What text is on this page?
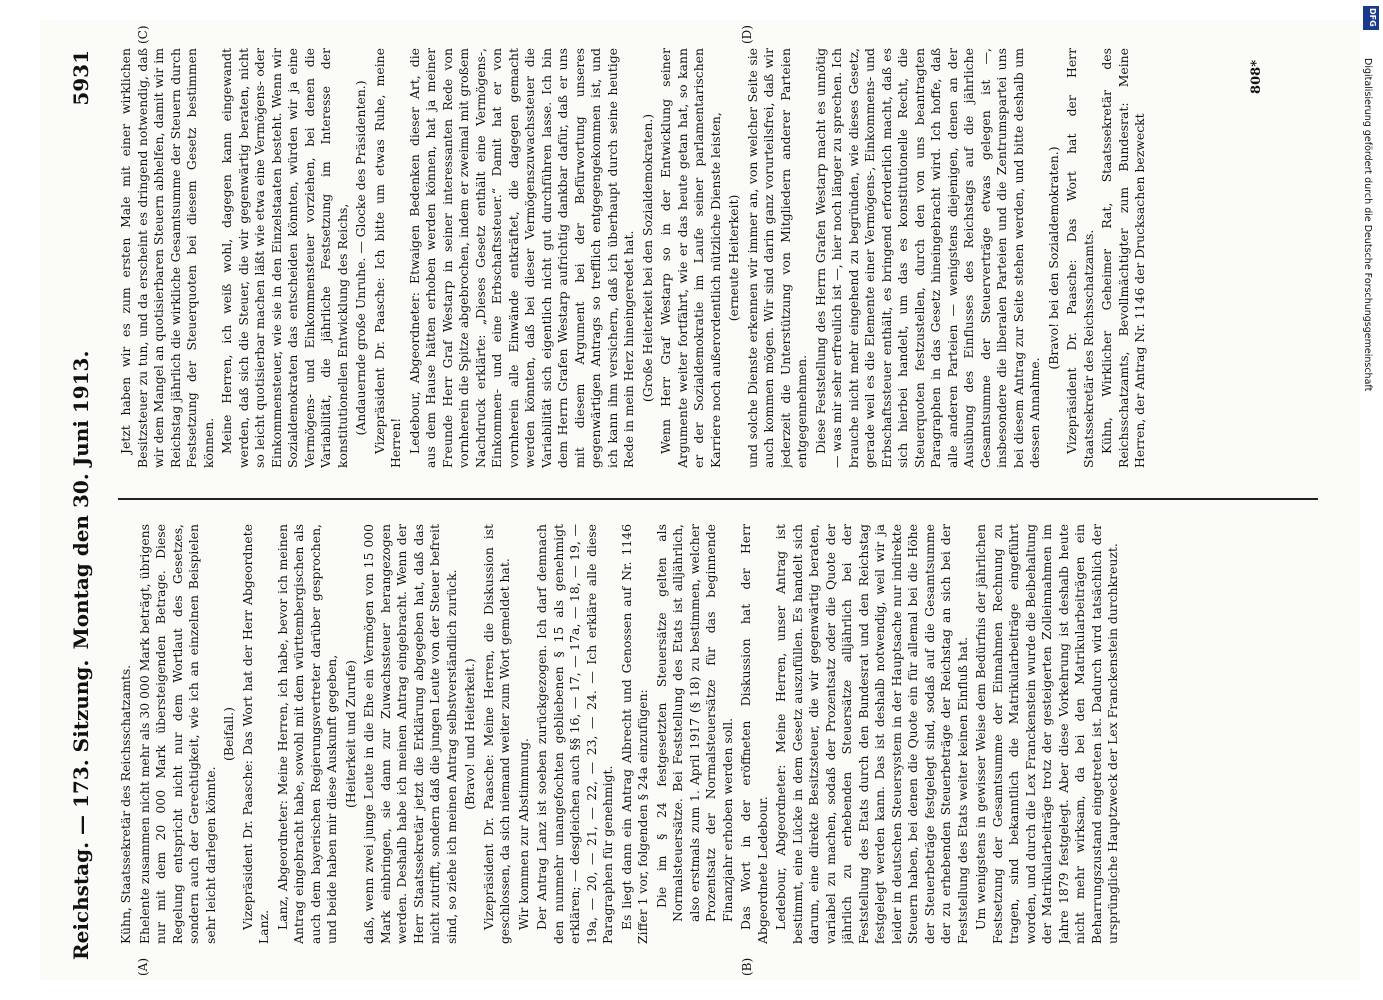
Reichstag. — 173. Sitzung.
Montag den 30. Juni 1913.
5931
(A)	(B)
(C)	(D)

Kühn, Staatssekretär des Reichsschatzamts. Ehelente zusammen nicht mehr als 30 000 Mark beträgt, übrigens nur mit dem 20 000 Mark übersteigenden Betrage. Diese Regelung entspricht nicht nur dem Wortlaut des Gesetzes, sondern auch der Gerechtigkeit, wie ich an einzelnen Beispielen sehr leicht darlegen könnte.

(Beifall.) Vizepräsident Dr. Paasche: Das Wort hat der Herr Abgeordnete Lanz. Lanz, Abgeordneter: Meine Herren, ich habe, bevor ich meinen Antrag eingebracht habe, sowohl mit dem württembergischen als auch dem bayerischen Regierungsvertreter darüber gesprochen, und beide haben mir diese Auskunft gegeben, (Heiterkeit und Zurufe) daß, wenn zwei junge Leute in die Ehe ein Vermögen von 15 000 Mark einbringen, sie dann zur Zuwachssteuer herangezogen werden. Deshalb habe ich meinen Antrag eingebracht. Wenn der Herr Staatssekretär jetzt die Erklärung abgegeben hat, daß das nicht zutrifft, sondern daß die jungen Leute von der Steuer befreit sind, so ziehe ich meinen Antrag selbstverständlich zurück. (Bravo! und Heiterkeit.) Vizepräsident Dr. Paasche: Meine Herren, die Diskussion ist geschlossen, da sich niemand weiter zum Wort gemeldet hat. Wir kommen zur Abstimmung. Der Antrag Lanz ist soeben zurückgezogen. Ich darf demnach den nunmehr unangefochten gebliebenen § 15 als genehmigt erklären; — desgleichen auch §§ 16, — 17, — 17a, — 18, — 19, — 19a, — 20, — 21, — 22, — 23, — 24. — Ich erkläre alle diese Paragraphen für genehmigt. Es liegt dann ein Antrag Albrecht und Genossen auf Nr. 1146 Ziffer 1 vor, folgenden § 24a einzufügen: Die im § 24 festgesetzten Steuersätze gelten als Normalsteuersätze. Bei Feststellung des Etats ist alljährlich, also erstmals zum 1. April 1917 (§ 18) zu bestimmen, welcher Prozentsatz der Normalsteuersätze für das beginnende Finanzjahr erhoben werden soll. Das Wort in der eröffneten Diskussion hat der Herr Abgeordnete Ledebour. Ledebour, Abgeordneter: Meine Herren, unser Antrag ist bestimmt, eine Lücke in dem Gesetz auszufüllen. Es handelt sich darum, eine direkte Besitzsteuer, die wir gegenwärtig beraten, variabel zu machen, sodaß der Prozentsatz oder die Quote der jährlich zu erhebenden Steuersätze alljährlich bei der Feststellung des Etats durch den Bundesrat und den Reichstag festgelegt werden kann. Das ist deshalb notwendig, weil wir ja leider in deutschen Steuersystem in der Hauptsache nur indirekte Steuern haben, bei denen die Quote ein für allemal bei die Höhe der Steuerbeträge festgelegt sind, sodaß auf die Gesamtsumme der zu erhebenden Steuerbeträge der Reichstag an sich bei der Feststellung des Etats weiter keinen Einfluß hat. Um wenigstens in gewisser Weise dem Bedürfnis der jährlichen Festsetzung der Gesamtsumme der Einnahmen Rechnung zu tragen, sind bekanntlich die Matrikularbeiträge eingeführt worden, und durch die Lex Franckenstein wurde die Beibehaltung der Matrikularbeiträge trotz der gesteigerten Zolleinnahmen im Jahre 1879 festgelegt. Aber diese Vorkehrung ist deshalb heute nicht mehr wirksam, da bei den Matrikularbeiträgen ein Beharrungszustand eingetreten ist. Dadurch wird tatsächlich der ursprüngliche Hauptzweck der Lex Franckenstein durchkreuzt.

Jetzt haben wir es zum ersten Male mit einer wirklichen Besitzsteuer zu tun, und da erscheint es dringend notwendig, daß wir dem Mangel an quotisierbaren Steuern abhelfen, damit wir im Reichstag jährlich die wirkliche Gesamtsumme der Steuern durch Festsetzung der Steuerquoten bei diesem Gesetz bestimmen können. Meine Herren, ich weiß wohl, dagegen kann eingewandt werden, daß sich die Steuer, die wir gegenwärtig beraten, nicht so leicht quotisierbar machen läßt wie etwa eine Vermögens- oder Einkommensteuer, wie sie in den Einzelstaaten besteht. Wenn wir Sozialdemokraten das entscheiden könnten, würden wir ja eine Vermögens- und Einkommensteuer vorziehen, bei denen die Variabilität, die jährliche Festsetzung im Interesse der konstitutionellen Entwicklung des Reichs, (Andauernde große Unruhe. — Glocke des Präsidenten.) Vizepräsident Dr. Paasche: Ich bitte um etwas Ruhe, meine Herren! Ledebour, Abgeordneter: Etwaigen Bedenken dieser Art, die aus dem Hause hätten erhoben werden können, hat ja meiner Freunde Herr Graf Westarp in seiner interessanten Rede von vornherein die Spitze abgebrochen, indem er zweimal mit großem Nachdruck erklärte: „Dieses Gesetz enthält eine Vermögens-, Einkommen- und eine Erbschaftssteuer.“ Damit hat er von vornherein alle Einwände entkräftet, die dagegen gemacht werden könnten, daß bei dieser Vermögenszuwachssteuer die Variabilität sich eigentlich nicht gut durchführen lasse. Ich bin dem Herrn Grafen Westarp aufrichtig dankbar dafür, daß er uns mit diesem Argument bei der Befürwortung unseres gegenwärtigen Antrags so trefflich entgegengekommen ist, und ich kann ihm versichern, daß ich überhaupt durch seine heutige Rede in mein Herz hineingeredet hat. (Große Heiterkeit bei den Sozialdemokraten.) Wenn Herr Graf Westarp so in der Entwicklung seiner Argumente weiter fortfährt, wie er das heute getan hat, so kann er der Sozialdemokratie im Laufe seiner parlamentarischen Karriere noch außerordentlich nützliche Dienste leisten, (erneute Heiterkeit) und solche Dienste erkennen wir immer an, von welcher Seite sie auch kommen mögen. Wir sind darin ganz vorurteilsfrei, daß wir jederzeit die Unterstützung von Mitgliedern anderer Parteien entgegennehmen. Diese Feststellung des Herrn Grafen Westarp macht es unnötig — was mir sehr erfreulich ist —, hier noch länger zu sprechen. Ich brauche nicht mehr eingehend zu begründen, wie dieses Gesetz, gerade weil es die Elemente einer Vermögens-, Einkommens- und Erbschaftssteuer enthält, es bringend erforderlich macht, daß es sich hierbei handelt, um das es konstitutionelle Recht, die Steuerquoten festzustellen, durch den von uns beantragten Paragraphen in das Gesetz hineingebracht wird. Ich hoffe, daß alle anderen Parteien — wenigstens diejenigen, denen an der Ausübung des Einflusses des Reichstags auf die jährliche Gesamtsumme der Steuerverträge etwas gelegen ist —, insbesondere die liberalen Parteien und die Zentrumspartei uns bei diesem Antrag zur Seite stehen werden, und bitte deshalb um dessen Annahme.

(Bravo! bei den Sozialdemokraten.) Vizepräsident Dr. Paasche: Das Wort hat der Herr Staatssekretär des Reichsschatzamts. Kühn, Wirklicher Geheimer Rat, Staatssekretär des Reichsschatzamts, Bevollmächtigter zum Bundesrat: Meine Herren, der Antrag Nr. 1146 der Drucksachen bezweckt

808*
DFG
Digitalisierung gefördert durch die Deutsche Forschungsgemeinschaft
